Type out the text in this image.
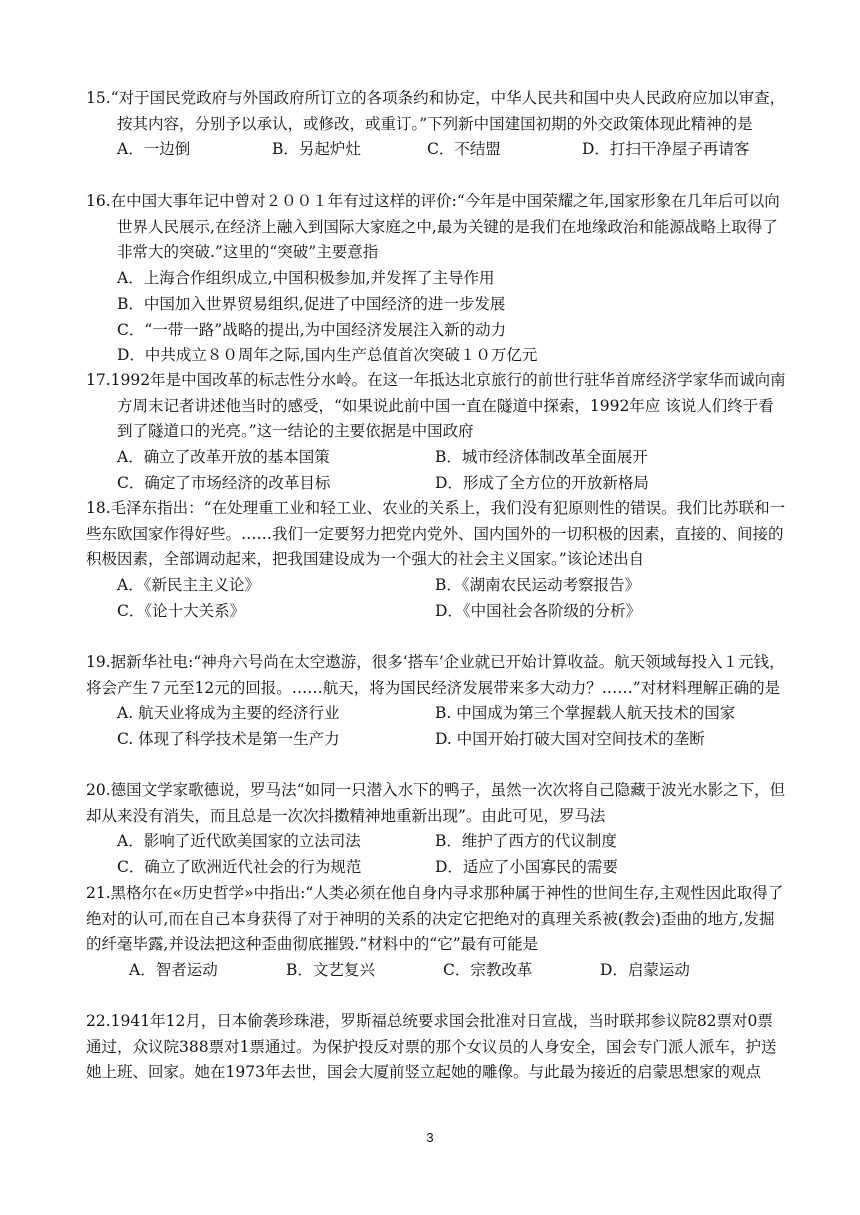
15.“对于国民党政府与外国政府所订立的各项条约和协定，中华人民共和国中央人民政府应加以审查，按其内容，分别予以承认，或修改，或重订。”下列新中国建国初期的外交政策体现此精神的是

A．一边倒	B．另起炉灶	C．不结盟	D．打扫干净屋子再请客

16.在中国大事年记中曾对２００１年有过这样的评价:“今年是中国荣耀之年,国家形象在几年后可以向世界人民展示,在经济上融入到国际大家庭之中,最为关键的是我们在地缘政治和能源战略上取得了非常大的突破.”这里的“突破”主要意指

A．上海合作组织成立,中国积极参加,并发挥了主导作用
B．中国加入世界贸易组织,促进了中国经济的进一步发展
C．“一带一路”战略的提出,为中国经济发展注入新的动力
D．中共成立８０周年之际,国内生产总值首次突破１０万亿元

17.1992年是中国改革的标志性分水岭。在这一年抵达北京旅行的前世行驻华首席经济学家华而诚向南方周末记者讲述他当时的感受，“如果说此前中国一直在隧道中探索，1992年应 该说人们终于看到了隧道口的光亮。”这一结论的主要依据是中国政府

A．确立了改革开放的基本国策	B．城市经济体制改革全面展开
C．确定了市场经济的改革目标	D．形成了全方位的开放新格局

18.毛泽东指出：“在处理重工业和轻工业、农业的关系上，我们没有犯原则性的错误。我们比苏联和一些东欧国家作得好些。……我们一定要努力把党内党外、国内国外的一切积极的因素，直接的、间接的积极因素，全部调动起来，把我国建设成为一个强大的社会主义国家。”该论述出自

A．《新民主主义论》	B．《湖南农民运动考察报告》
C．《论十大关系》	D．《中国社会各阶级的分析》

19.据新华社电:“神舟六号尚在太空遨游，很多‘搭车’企业就已开始计算收益。航天领域每投入１元钱，将会产生７元至12元的回报。……航天，将为国民经济发展带来多大动力？……”对材料理解正确的是

A. 航天业将成为主要的经济行业	B. 中国成为第三个掌握载人航天技术的国家
C. 体现了科学技术是第一生产力	D. 中国开始打破大国对空间技术的垄断

20.德国文学家歌德说，罗马法“如同一只潜入水下的鸭子，虽然一次次将自己隐藏于波光水影之下，但却从来没有消失，而且总是一次次抖擞精神地重新出现”。由此可见，罗马法

A．影响了近代欧美国家的立法司法	B．维护了西方的代议制度
C．确立了欧洲近代社会的行为规范	D．适应了小国寡民的需要

21.黑格尔在«历史哲学»中指出:“人类必须在他自身内寻求那种属于神性的世间生存,主观性因此取得了绝对的认可,而在自己本身获得了对于神明的关系的决定它把绝对的真理关系被(教会)歪曲的地方,发掘的纤毫毕露,并设法把这种歪曲彻底摧毁.”材料中的“它”最有可能是

A．智者运动	B．文艺复兴	C．宗教改革	D．启蒙运动

22.1941年12月，日本偷袭珍珠港，罗斯福总统要求国会批准对日宣战，当时联邦参议院82票对0票通过，众议院388票对1票通过。为保护投反对票的那个女议员的人身安全，国会专门派人派车，护送她上班、回家。她在1973年去世，国会大厦前竖立起她的雕像。与此最为接近的启蒙思想家的观点

3
